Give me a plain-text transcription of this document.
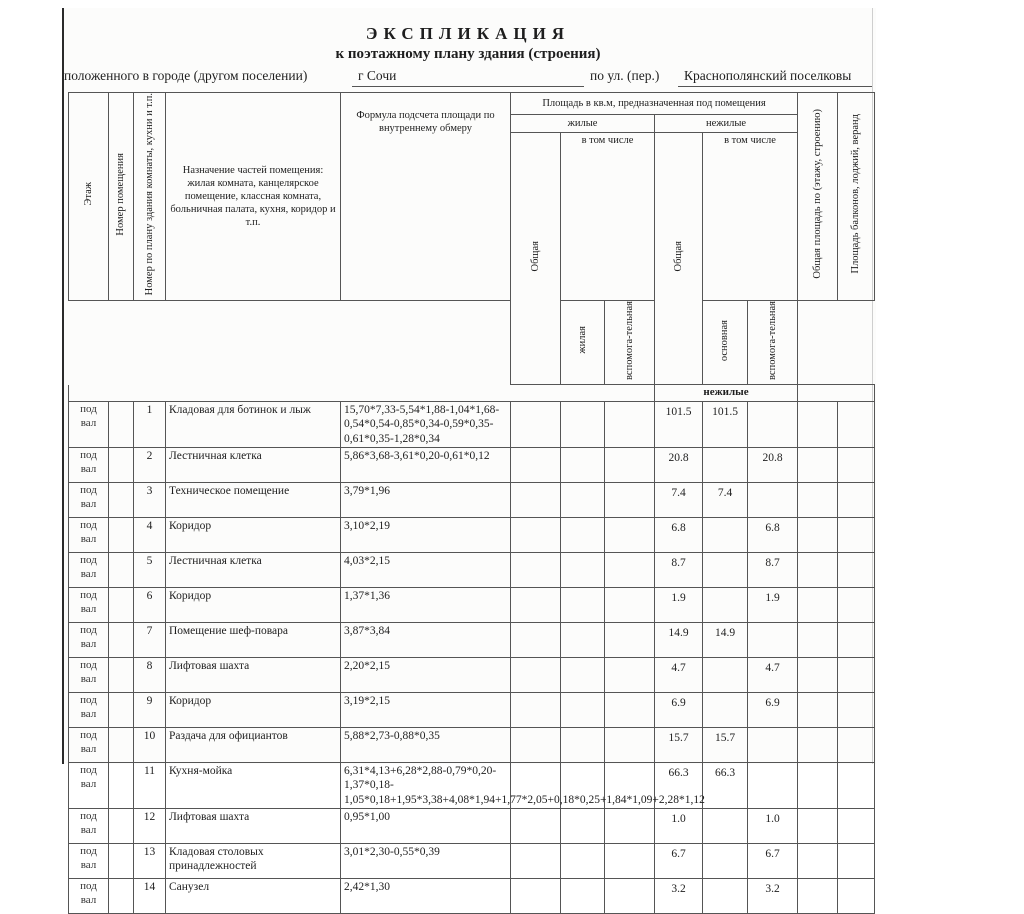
ЭКСПЛИКАЦИЯ
к поэтажному плану здания (строения)
положенного в городе (другом поселении)	г Сочи	по ул. (пер.) Краснополянский поселковы
Этаж	Номер помещения	Номер по плану здания комнаты, кухни и т.п.	Назначение частей помещения: жилая комната, канцелярское помещение, классная комната, больничная палата, кухня, коридор и т.п.	Формула подсчета площади по внутреннему обмеру	Площадь в кв.м, предназначенная под помещения						Общая площадь по (этажу, строению)	Площадь балконов, лоджий, веранд
					жилые			нежилые				
					Общая	в том числе		Общая	в том числе			
						жилая	вспомога-тельная		основная	вспомога-тельная		
								нежилые				
под вал		1	Кладовая для ботинок и лыж	15,70*7,33-5,54*1,88-1,04*1,68-0,54*0,54-0,85*0,34-0,59*0,35-0,61*0,35-1,28*0,34				101.5	101.5			
под вал		2	Лестничная клетка	5,86*3,68-3,61*0,20-0,61*0,12				20.8		20.8		
под вал		3	Техническое помещение	3,79*1,96				7.4	7.4			
под вал		4	Коридор	3,10*2,19				6.8		6.8		
под вал		5	Лестничная клетка	4,03*2,15				8.7		8.7		
под вал		6	Коридор	1,37*1,36				1.9		1.9		
под вал		7	Помещение шеф-повара	3,87*3,84				14.9	14.9			
под вал		8	Лифтовая шахта	2,20*2,15				4.7		4.7		
под вал		9	Коридор	3,19*2,15				6.9		6.9		
под вал		10	Раздача для официантов	5,88*2,73-0,88*0,35				15.7	15.7			
под вал		11	Кухня-мойка	6,31*4,13+6,28*2,88-0,79*0,20-1,37*0,18-1,05*0,18+1,95*3,38+4,08*1,94+1,77*2,05+0,18*0,25+1,84*1,09+2,28*1,12				66.3	66.3			
под вал		12	Лифтовая шахта	0,95*1,00				1.0		1.0		
под вал		13	Кладовая столовых принадлежностей	3,01*2,30-0,55*0,39				6.7		6.7		
под вал		14	Санузел	2,42*1,30				3.2		3.2		
